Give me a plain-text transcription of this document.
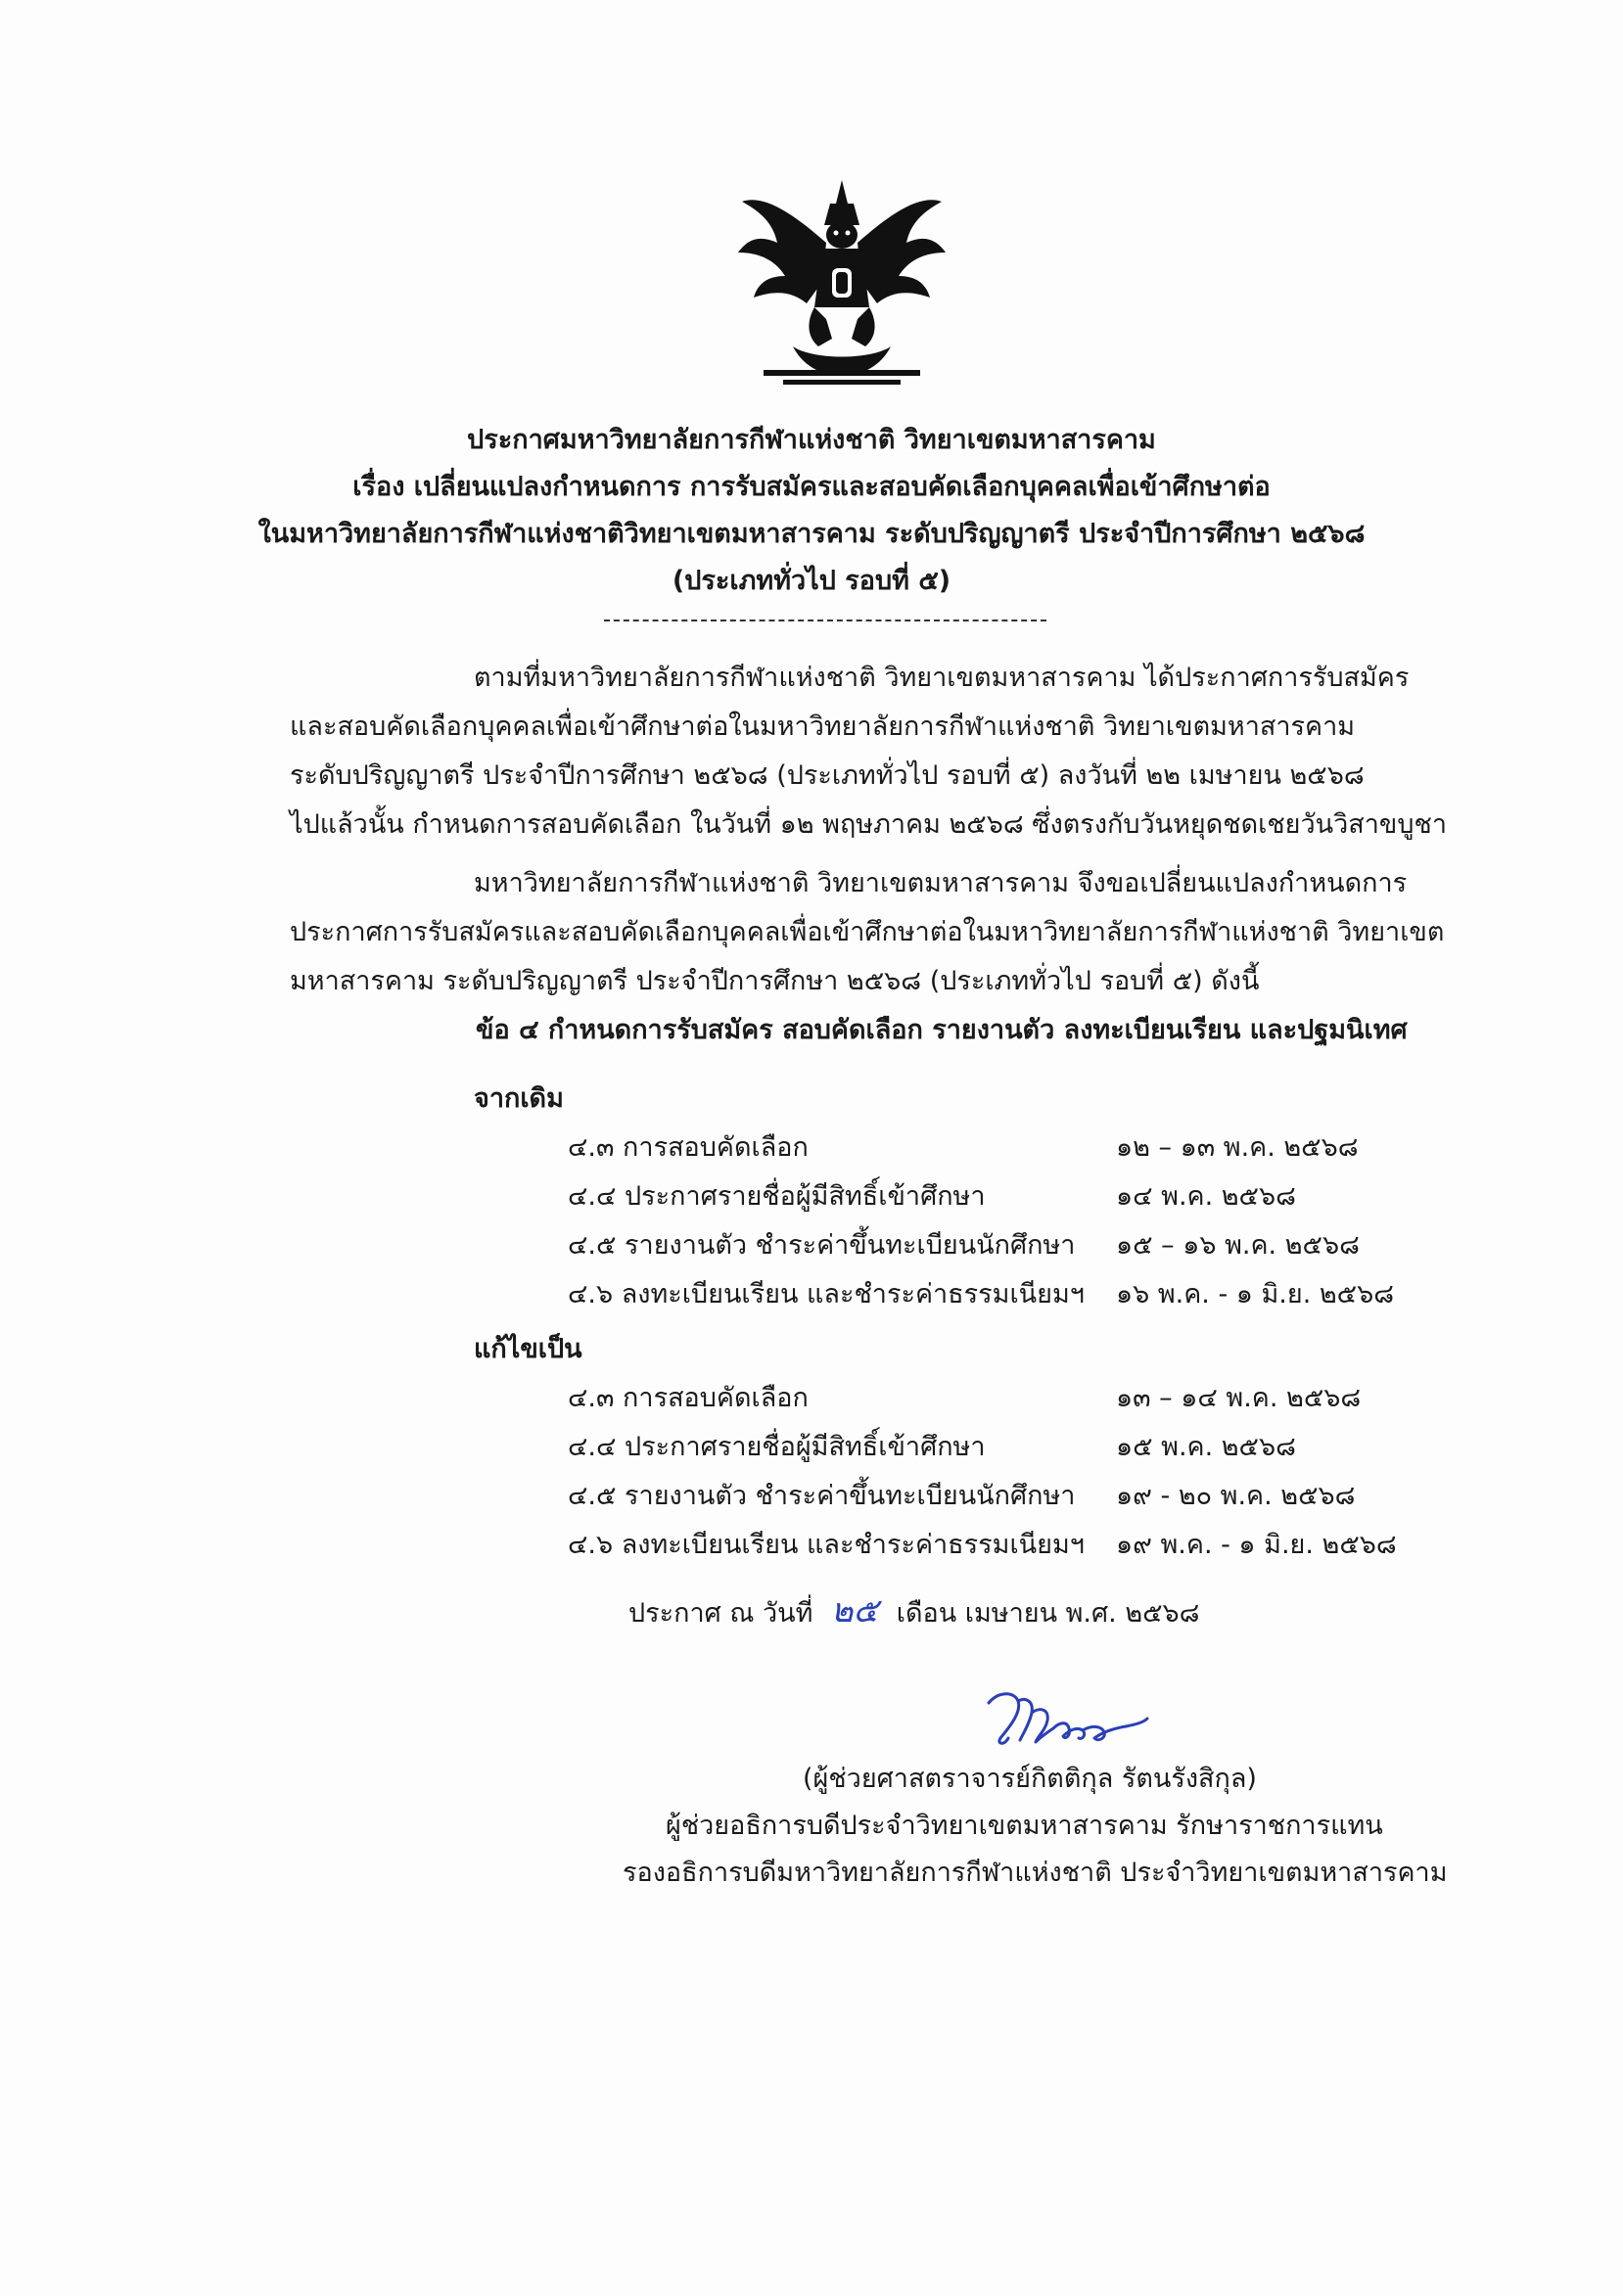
ประกาศมหาวิทยาลัยการกีฬาแห่งชาติ วิทยาเขตมหาสารคาม
เรื่อง เปลี่ยนแปลงกำหนดการ การรับสมัครและสอบคัดเลือกบุคคลเพื่อเข้าศึกษาต่อ
ในมหาวิทยาลัยการกีฬาแห่งชาติวิทยาเขตมหาสารคาม ระดับปริญญาตรี ประจำปีการศึกษา ๒๕๖๘
(ประเภททั่วไป รอบที่ ๕)
ตามที่มหาวิทยาลัยการกีฬาแห่งชาติ วิทยาเขตมหาสารคาม ได้ประกาศการรับสมัคร
และสอบคัดเลือกบุคคลเพื่อเข้าศึกษาต่อในมหาวิทยาลัยการกีฬาแห่งชาติ วิทยาเขตมหาสารคาม
ระดับปริญญาตรี ประจำปีการศึกษา ๒๕๖๘ (ประเภททั่วไป รอบที่ ๕) ลงวันที่ ๒๒ เมษายน ๒๕๖๘
ไปแล้วนั้น กำหนดการสอบคัดเลือก ในวันที่ ๑๒ พฤษภาคม ๒๕๖๘ ซึ่งตรงกับวันหยุดชดเชยวันวิสาขบูชา
มหาวิทยาลัยการกีฬาแห่งชาติ วิทยาเขตมหาสารคาม จึงขอเปลี่ยนแปลงกำหนดการ
ประกาศการรับสมัครและสอบคัดเลือกบุคคลเพื่อเข้าศึกษาต่อในมหาวิทยาลัยการกีฬาแห่งชาติ วิทยาเขต
มหาสารคาม ระดับปริญญาตรี ประจำปีการศึกษา ๒๕๖๘ (ประเภททั่วไป รอบที่ ๕) ดังนี้
ข้อ ๔ กำหนดการรับสมัคร สอบคัดเลือก รายงานตัว ลงทะเบียนเรียน และปฐมนิเทศ
จากเดิม
๔.๓ การสอบคัดเลือก	๑๒ – ๑๓ พ.ค. ๒๕๖๘
๔.๔ ประกาศรายชื่อผู้มีสิทธิ์เข้าศึกษา	๑๔ พ.ค. ๒๕๖๘
๔.๕ รายงานตัว ชำระค่าขึ้นทะเบียนนักศึกษา ๑๕ – ๑๖ พ.ค. ๒๕๖๘
๔.๖ ลงทะเบียนเรียน และชำระค่าธรรมเนียมฯ ๑๖ พ.ค. - ๑ มิ.ย. ๒๕๖๘
แก้ไขเป็น
๔.๓ การสอบคัดเลือก	๑๓ – ๑๔ พ.ค. ๒๕๖๘
๔.๔ ประกาศรายชื่อผู้มีสิทธิ์เข้าศึกษา	๑๕ พ.ค. ๒๕๖๘
๔.๕ รายงานตัว ชำระค่าขึ้นทะเบียนนักศึกษา ๑๙ - ๒๐ พ.ค. ๒๕๖๘
๔.๖ ลงทะเบียนเรียน และชำระค่าธรรมเนียมฯ ๑๙ พ.ค. - ๑ มิ.ย. ๒๕๖๘
ประกาศ ณ วันที่ ๒๕ เดือน เมษายน พ.ศ. ๒๕๖๘
(ผู้ช่วยศาสตราจารย์กิตติกุล รัตนรังสิกุล)
ผู้ช่วยอธิการบดีประจำวิทยาเขตมหาสารคาม รักษาราชการแทน
รองอธิการบดีมหาวิทยาลัยการกีฬาแห่งชาติ ประจำวิทยาเขตมหาสารคาม
